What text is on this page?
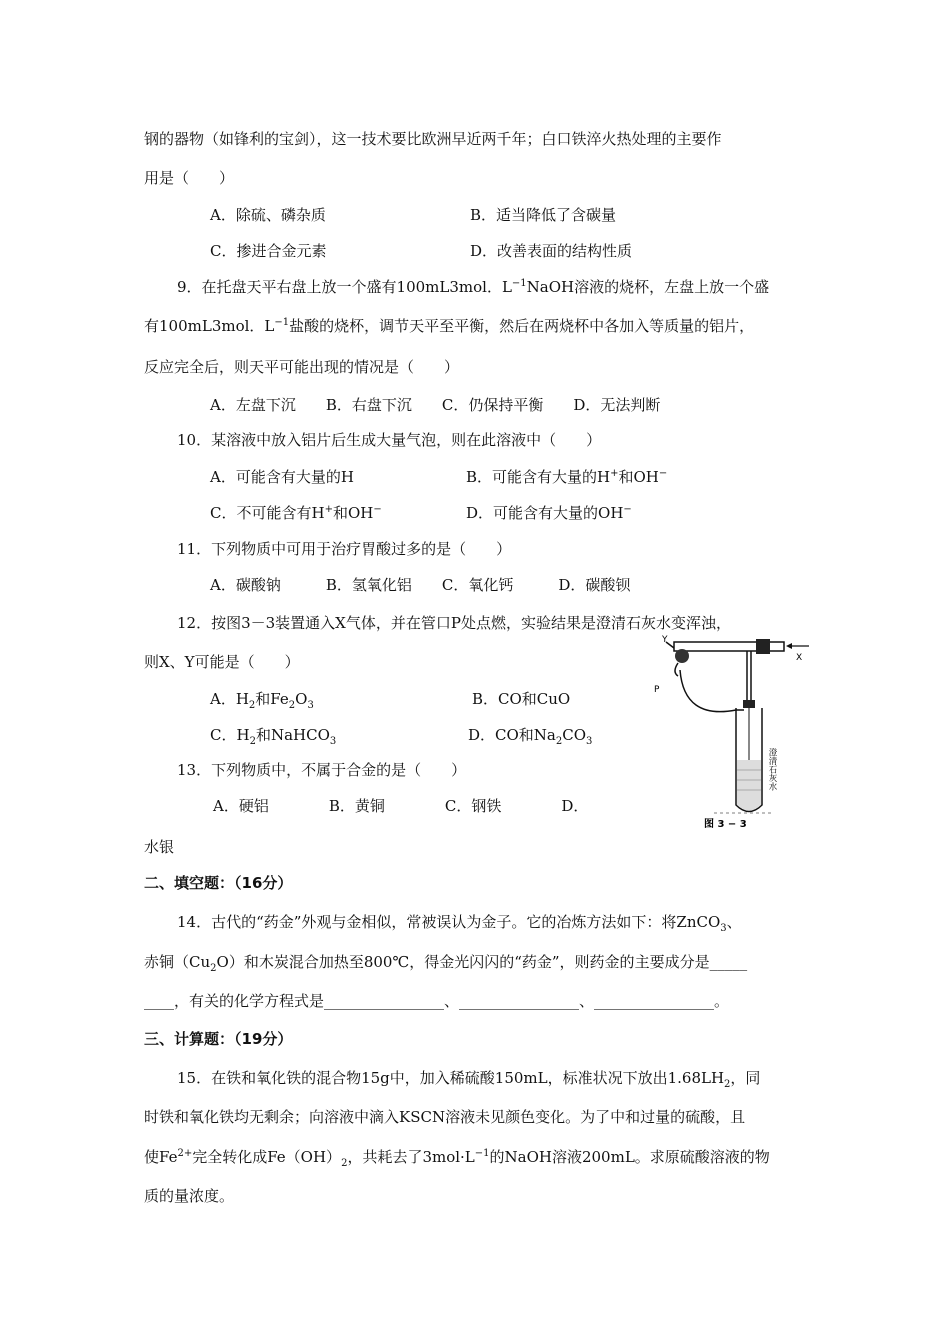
钢的器物（如锋利的宝剑），这一技术要比欧洲早近两千年；白口铁淬火热处理的主要作
用是（　　）
A．除硫、磷杂质	B．适当降低了含碳量
C．掺进合金元素	D．改善表面的结构性质
9．在托盘天平右盘上放一个盛有100mL3mol．$L^{-1}NaOH$溶液的烧杯，左盘上放一个盛
有100mL3mol．$L^{-1}$盐酸的烧杯，调节天平至平衡，然后在两烧杯中各加入等质量的铝片，
反应完全后，则天平可能出现的情况是（　　）
A．左盘下沉　　B．右盘下沉　　C．仍保持平衡　　D．无法判断
10．某溶液中放入铝片后生成大量气泡，则在此溶液中（　　）
A．可能含有大量的H	B．可能含有大量的H+和OH−
C．不可能含有H+和OH−	D．可能含有大量的OH−
11．下列物质中可用于治疗胃酸过多的是（　　）
A．碳酸钠　　　B．氢氧化铝　　C．氧化钙　　　D．碳酸钡
12．按图3－3装置通入X气体，并在管口P处点燃，实验结果是澄清石灰水变浑浊，
则X、Y可能是（　　）
A．$H_2$和$Fe_2O_3$	B．CO和CuO
C．$H_2$和NaHCO$_3$	D．CO和$Na_2CO_3$
13．下列物质中，不属于合金的是（　　）
A．硬铝　　　　B．黄铜　　　　C．钢铁　　　　D．
水银
二、填空题：（16分）
14．古代的“药金”外观与金相似，常被误认为金子。它的冶炼方法如下：将ZnCO$_3$、
赤铜$(Cu_2O)$和木炭混合加热至800℃，得金光闪闪的“药金”，则药金的主要成分是_____
____，有关的化学方程式是________________、________________、________________。
三、计算题：（19分）
15．在铁和氧化铁的混合物15g中，加入稀硫酸150mL，标准状况下放出$1.68LH_2$，同
时铁和氧化铁均无剩余；向溶液中滴入KSCN溶液未见颜色变化。为了中和过量的硫酸，且
使$Fe^{2+}$完全转化成$Fe(OH)_2$，共耗去了$3mol\cdot L^{-1}$的NaOH溶液200mL。求原硫酸溶液的物
质的量浓度。
X
Y
P
澄清石灰水
图 3 − 3
